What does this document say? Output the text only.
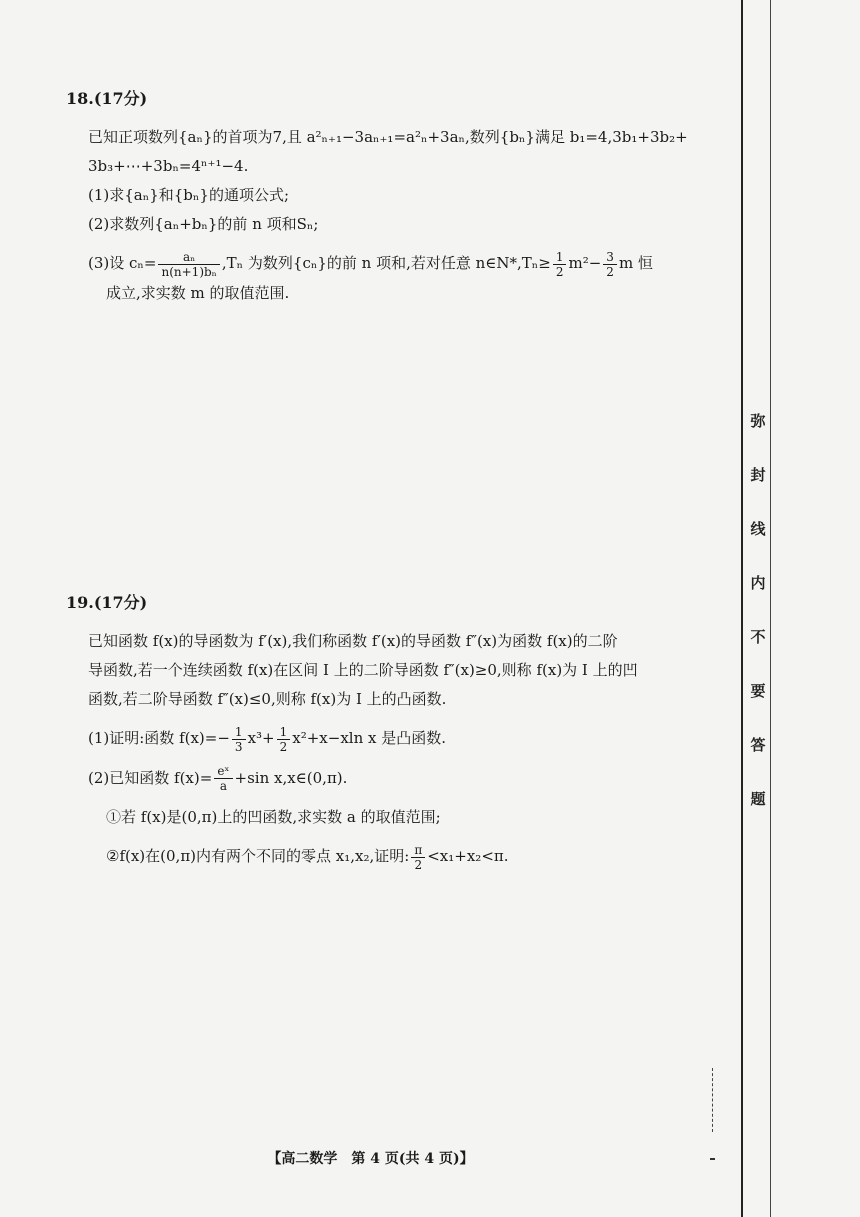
18.(17分)
已知正项数列{aₙ}的首项为7,且 a²ₙ₊₁−3aₙ₊₁=a²ₙ+3aₙ,数列{bₙ}满足 b₁=4,3b₁+3b₂+
3b₃+⋯+3bₙ=4ⁿ⁺¹−4.
(1)求{aₙ}和{bₙ}的通项公式;
(2)求数列{aₙ+bₙ}的前 n 项和Sₙ;
(3)设 $c_n= \frac{\text{aₙ}}{\text{n(n+1)bₙ}} ,T_n$ 为数列{cₙ}的前 n 项和,若对任意 n∈N*,Tₙ≥ $\frac{1}{2} m^2- \frac{3}{2}$ m 恒
成立,求实数 m 的取值范围.
19.(17分)
已知函数 f(x)的导函数为 f′(x),我们称函数 f′(x)的导函数 f″(x)为函数 f(x)的二阶
导函数,若一个连续函数 f(x)在区间 I 上的二阶导函数 f″(x)≥0,则称 f(x)为 I 上的凹
函数,若二阶导函数 f″(x)≤0,则称 f(x)为 I 上的凸函数.
(1)证明:函数 $f(x)=- \frac{1}{3} x^3+ \frac{1}{2} x^2+x-xln$ x 是凸函数.
(2)已知函数 $f(x)= \frac{\text{eˣ}}{a} +\sin$ x,x∈(0,π).
①若 f(x)是(0,π)上的凹函数,求实数 a 的取值范围;
②f(x)在(0,π)内有两个不同的零点 x₁,x₂,证明: $\frac{\pi}{2} <x_1+x_2<\pi$.
弥
封
线
内
不
要
答
题
【高二数学　第 4 页(共 4 页)】
